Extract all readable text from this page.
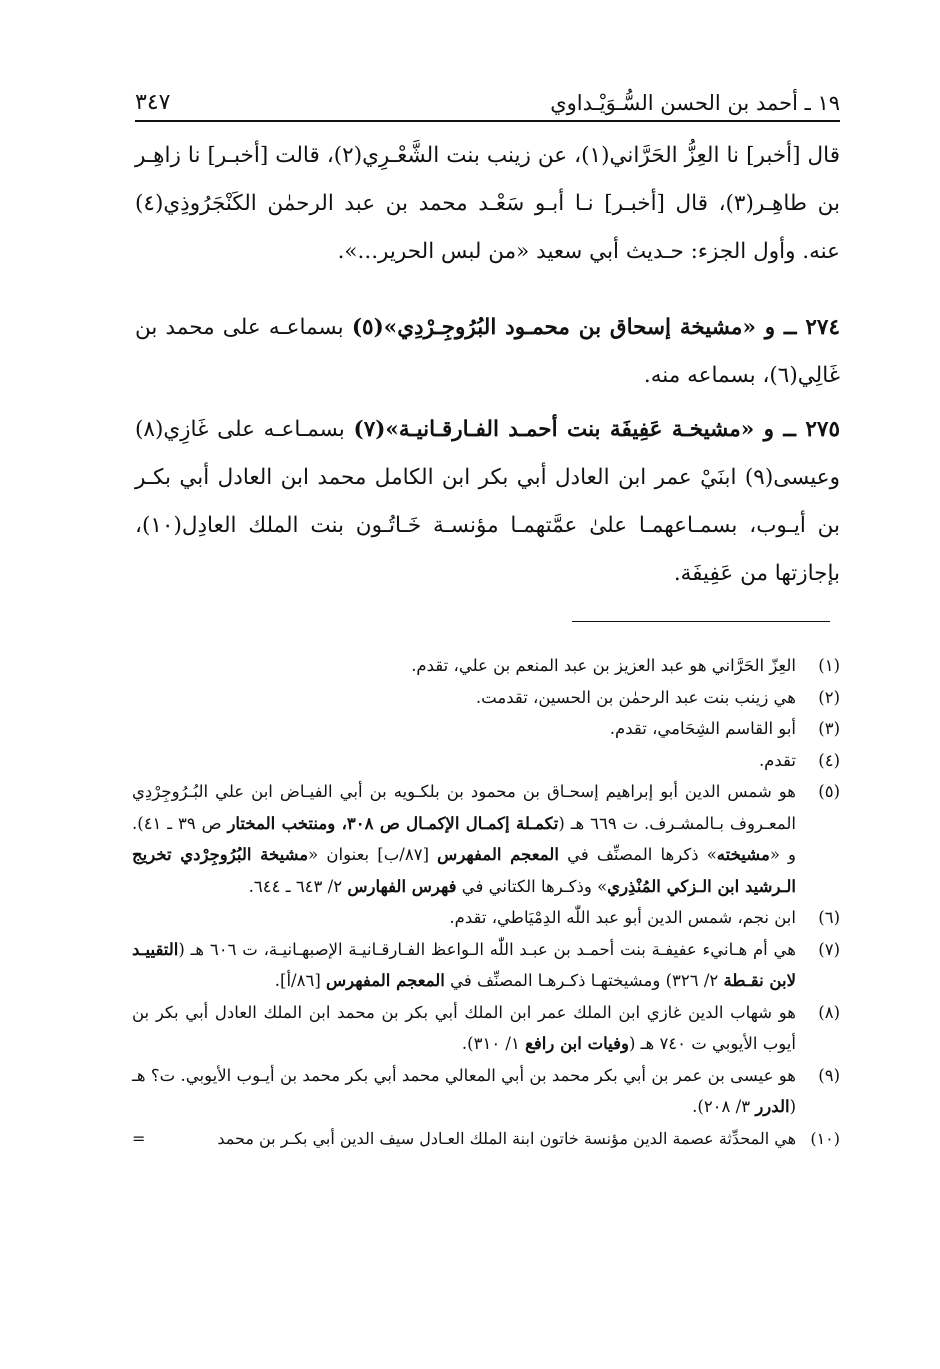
١٩ ـ أحمد بن الحسن السُّـوَيْـداوي
٣٤٧

قال [أخبر] نا العِزُّ الحَرَّاني(١)، عن زينب بنت الشَّعْـرِي(٢)، قالت [أخبـر] نا زاهِـر بن طاهِـر(٣)، قال [أخبـر] نـا أبـو سَعْـد محمد بن عبد الرحمٰن الكَنْجَرُوذِي(٤) عنه. وأول الجزء: حـديث أبي سعيد «من لبس الحرير...».

٢٧٤ ــ و «مشيخة إسحاق بن محمـود البُرُوجِـرْدِي»(٥) بسماعـه على محمد بن غَالِي(٦)، بسماعه منه.

٢٧٥ ــ و «مشيخـة عَفِيفَة بنت أحمـد الفـارقـانيـة»(٧) بسمـاعـه على غَازِي(٨) وعيسى(٩) ابنَيْ عمر ابن العادل أبي بكر ابن الكامل محمد ابن العادل أبي بكـر بن أيـوب، بسمـاعهمـا علىٰ عمَّتهمـا مؤنسـة خَـاتُـون بنت الملك العادِل(١٠)، بإجازتها من عَفِيفَة.

(١)
العِزّ الحَرَّاني هو عبد العزيز بن عبد المنعم بن علي، تقدم.
(٢)
هي زينب بنت عبد الرحمٰن بن الحسين، تقدمت.
(٣)
أبو القاسم الشِحَامي، تقدم.
(٤)
تقدم.
(٥)
هو شمس الدين أبو إبراهيم إسحـاق بن محمود بن بلكـويه بن أبي الفيـاض ابن علي البُـرُوجِرْدِي المعـروف بـالمشـرف. ت ٦٦٩ هـ (تكمـلة إكمـال الإكمـال ص ٣٠٨، ومنتخب المختار ص ٣٩ ـ ٤١). و «مشيخته» ذكرها المصنِّف في المعجم المفهرس [٨٧/ب] بعنوان «مشيخة البُرُوجِرْدي تخريج الـرشيد ابن الـزكي المُنْذِري» وذكـرها الكتاني في فهرس الفهارس ٢/ ٦٤٣ ـ ٦٤٤.
(٦)
ابن نجم، شمس الدين أبو عبد اللّٰه الدِمْيَاطي، تقدم.
(٧)
هي أم هـانيء عفيفـة بنت أحمـد بن عبـد اللّٰه الـواعظ الفـارقـانيـة الإصبهـانيـة، ت ٦٠٦ هـ (التقييـد لابن نقـطة ٢/ ٣٢٦) ومشيختهـا ذكـرهـا المصنِّف في المعجم المفهرس [٨٦/أ].
(٨)
هو شهاب الدين غازي ابن الملك عمر ابن الملك أبي بكر بن محمد ابن الملك العادل أبي بكر بن أيوب الأيوبي ت ٧٤٠ هـ (وفيات ابن رافع ١/ ٣١٠).
(٩)
هو عيسى بن عمر بن أبي بكر محمد بن أبي المعالي محمد أبي بكر محمد بن أيـوب الأيوبي. ت؟ هـ (الدرر ٣/ ٢٠٨).
(١٠)
هي المحدِّثة عصمة الدين مؤنسة خاتون ابنة الملك العـادل سيف الدين أبي بكـر بن محمد
=
